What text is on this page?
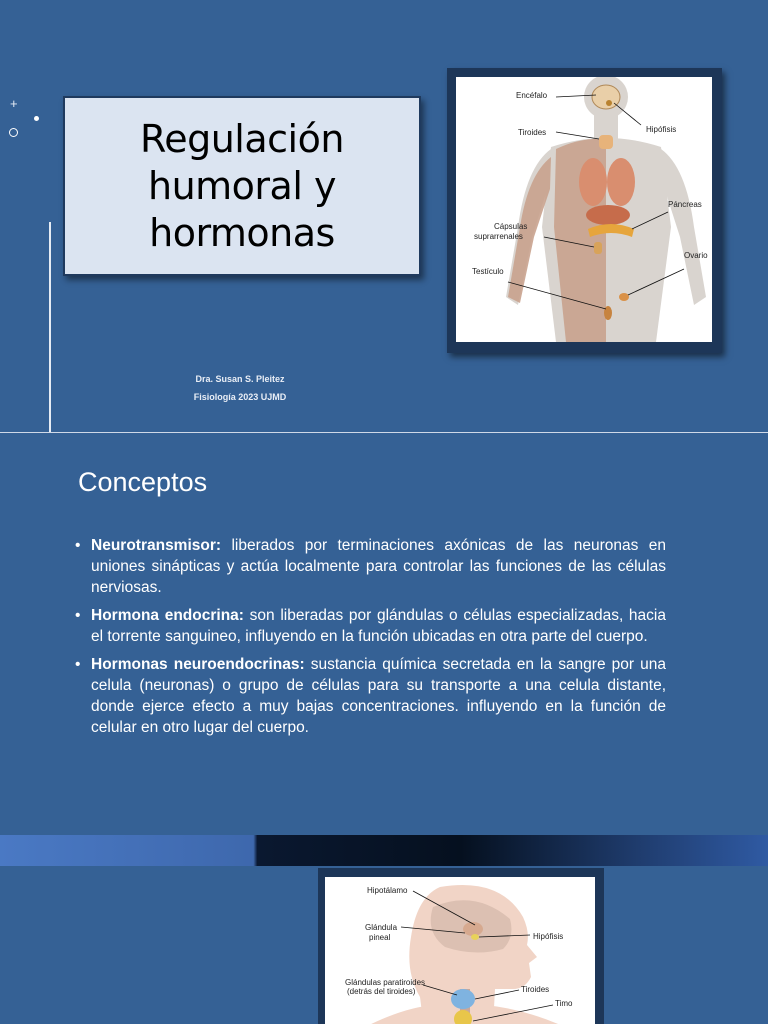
+
Regulación
humoral y
hormonas
Dra. Susan S. Pleitez
Fisiología 2023 UJMD
Encéfalo
Hipófisis
Tiroides
Páncreas
Cápsulas
suprarrenales
Ovario
Testículo
Conceptos
• Neurotransmisor: liberados por terminaciones axónicas de las neuronas en uniones sinápticas y actúa localmente para controlar las funciones de las células nerviosas.
• Hormona endocrina: son liberadas por glándulas o células especializadas, hacia el torrente sanguineo, influyendo en la función ubicadas en otra parte del cuerpo.
• Hormonas neuroendocrinas: sustancia química secretada en la sangre por una celula (neuronas) o grupo de células para su transporte a una celula distante, donde ejerce efecto a muy bajas concentraciones. influyendo en la función de celular en otro lugar del cuerpo.
Hipotálamo
Glándula
pineal	Hipófisis
Glándulas paratiroides
(detrás del tiroides)	Tiroides
Timo
